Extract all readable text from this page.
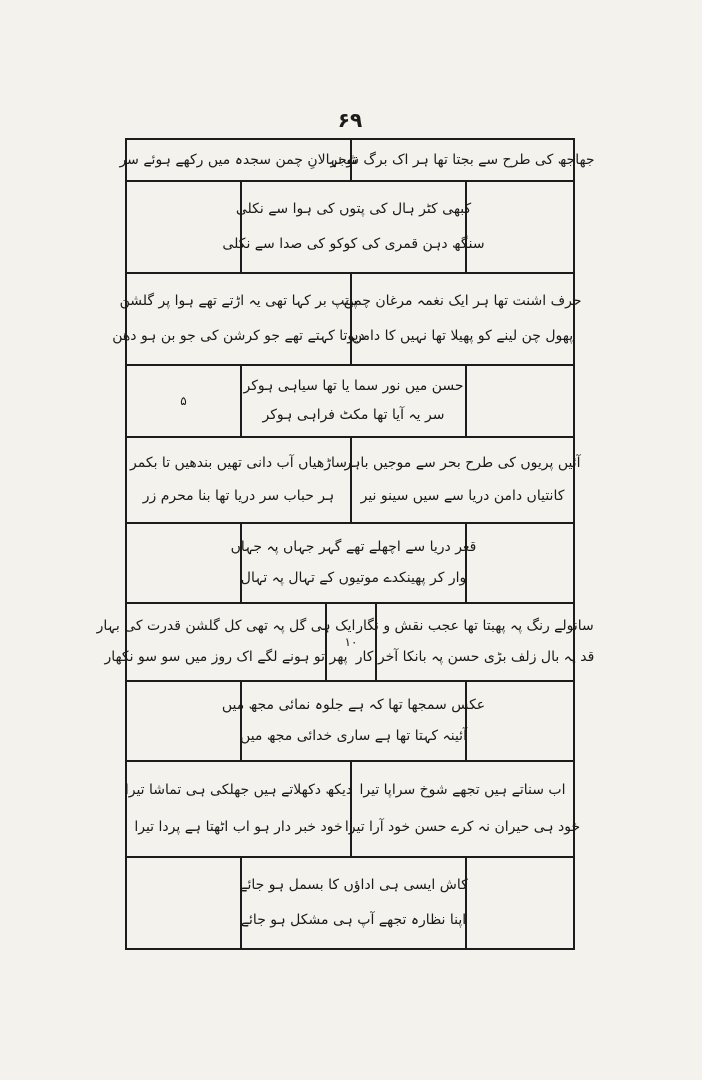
۶۹
تو نہالانِ چمن سجدہ میں رکھے ہوئے سر
جھاجھ کی طرح سے بجتا تھا ہر اک برگ شجر
کبھی کٹر ہال کی پتوں کی ہوا سے نکلی
سنگھ دہن قمری کی کوکو کی صدا سے نکلی
پیتپ بر کہا تھی یہ اڑتے تھے ہوا پر گلشن
دیوتا کہتے تھے جو کرشن کی جو بن ہو دھن
حرف اشنت تھا ہر ایک نغمہ مرغان چمن
پھول چن لینے کو پھیلا تھا نہیں کا دامن
۵
حسن میں نور سما یا تھا سیاہی ہوکر
سر یہ آیا تھا مکٹ فراہی ہوکر
ساڑھیاں آب دانی تھیں بندھیں تا بکمر
ہر حباب سر دریا تھا بنا محرم زر
آئیں پریوں کی طرح بحر سے موجیں باہر
کانتیاں دامن دریا سے سیں سینو نیر
قعر دریا سے اچھلے تھے گہر جہاں پہ جہاں
وار کر پھینکدے موتیوں کے تہال پہ تہال
ایک ہی گل پہ تھی کل گلشن قدرت کی بہار
پھر تو ہونے لگے اک روز میں سو سو نکھار
۱۰
سانولے رنگ پہ پھبتا تھا عجب نقش و نگار
قد پہ بال زلف بڑی حسن پہ بانکا آخر کار
عکس سمجھا تھا کہ ہے جلوہ نمائی مجھ میں
آئینہ کہتا تھا ہے ساری خدائی مجھ میں
دیکھ دکھلاتے ہیں جھلکی ہی تماشا تیرا
خود خبر دار ہو اب اٹھتا ہے پردا تیرا
اب سناتے ہیں تجھے شوخ سراپا تیرا
خود ہی حیران نہ کرے حسن خود آرا تیرا
کاش ایسی ہی اداؤں کا بسمل ہو جائے
اپنا نظارہ تجھے آپ ہی مشکل ہو جائے
